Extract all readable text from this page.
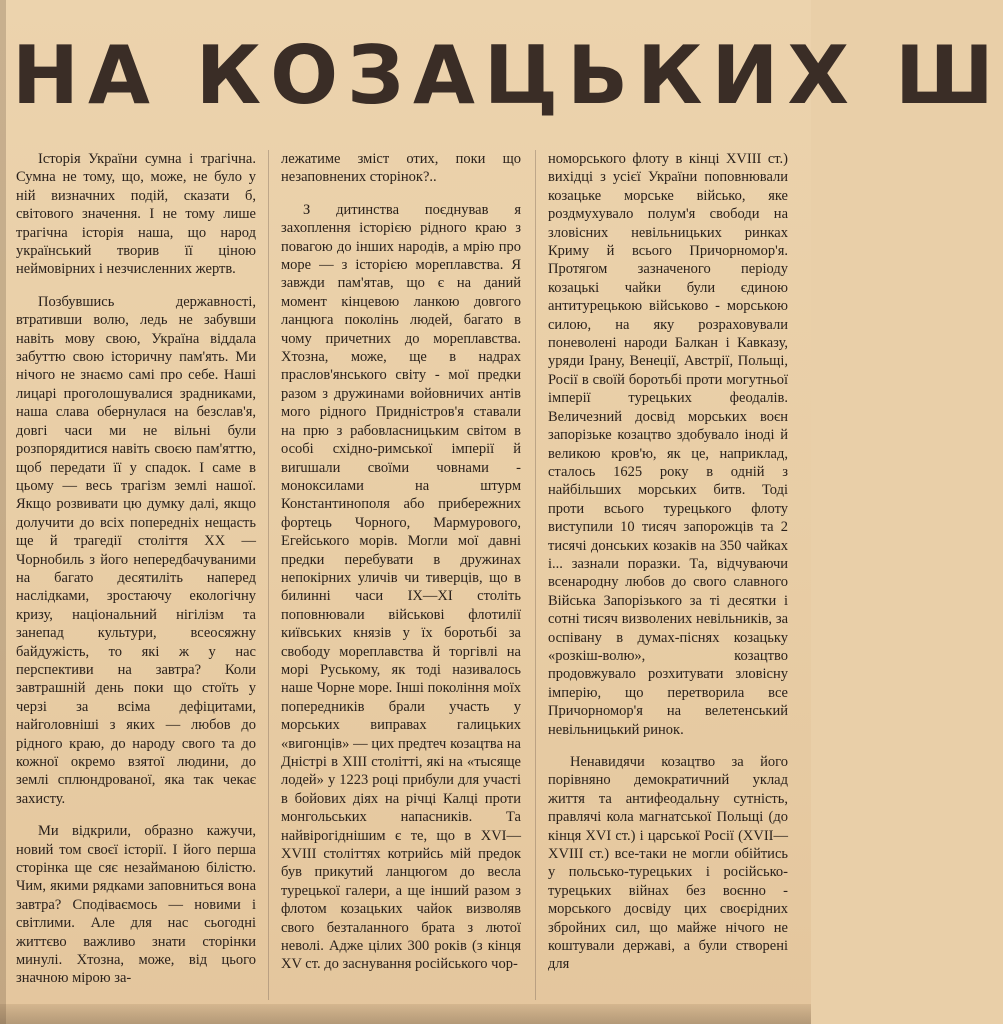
НА КОЗАЦЬКИХ Ш

Історія України сумна і трагічна. Сумна не тому, що, може, не було у ній визначних подій, сказати б, світового значення. І не тому лише трагічна історія наша, що народ український творив її ціною неймовірних і незчисленних жертв.

Позбувшись державності, втративши волю, ледь не забувши навіть мову свою, Україна віддала забуттю свою історичну пам'ять. Ми нічого не знаємо самі про себе. Наші лицарі проголошувалися зрадниками, наша слава обернулася на безслав'я, довгі часи ми не вільні були розпорядитися навіть своєю пам'яттю, щоб передати її у спадок. І саме в цьому — весь трагізм землі нашої. Якщо розвивати цю думку далі, якщо долучити до всіх попередніх нещасть ще й трагедії століття XX — Чорнобиль з його непередбачуваними на багато десятиліть наперед наслідками, зростаючу екологічну кризу, національний нігілізм та занепад культури, всеосяжну байдужість, то які ж у нас перспективи на завтра? Коли завтрашній день поки що стоїть у черзі за всіма дефіцитами, найголовніші з яких — любов до рідного краю, до народу свого та до кожної окремо взятої людини, до землі сплюндрованої, яка так чекає захисту.

Ми відкрили, образно кажучи, новий том своєї історії. І його перша сторінка ще сяє незайманою білістю. Чим, якими рядками заповниться вона завтра? Сподіваємось — новими і світлими. Але для нас сьогодні життєво важливо знати сторінки минулі. Хтозна, може, від цього значною мірою за-

лежатиме зміст отих, поки що незаповнених сторінок?..

З дитинства поєднував я захоплення історією рідного краю з повагою до інших народів, а мрію про море — з історією мореплавства. Я завжди пам'ятав, що є на даний момент кінцевою ланкою довгого ланцюга поколінь людей, багато в чому причетних до мореплавства. Хтозна, може, ще в надрах праслов'янського світу - мої предки разом з дружинами войовничих антів мого рідного Придністров'я ставали на прю з рабовласницьким світом в особі східно-римської імперії й виruшали своїми човнами - моноксилами на штурм Константинополя або прибережних фортець Чорного, Мармурового, Егейського морів. Могли мої давні предки перебувати в дружинах непокірних уличів чи тиверців, що в билинні часи IX—XI століть поповнювали військові флотилії київських князів у їх боротьбі за свободу мореплавства й торгівлі на морі Руському, як тоді називалось наше Чорне море. Інші покоління моїх попередників брали участь у морських виправах галицьких «вигонців» — цих предтеч козацтва на Дністрі в XIII столітті, які на «тысяще лодей» у 1223 році прибули для участі в бойових діях на річці Калці проти монгольських напасників. Та найвірогіднішим є те, що в XVI—XVIII століттях котрийсь мій предок був прикутий ланцюгом до весла турецької галери, а ще інший разом з флотом козацьких чайок визволяв свого безталанного брата з лютої неволі. Адже цілих 300 років (з кінця XV ст. до заснування російського чор-

номорського флоту в кінці XVIII ст.) вихідці з усієї України поповнювали козацьке морське військо, яке роздмухувало полум'я свободи на зловісних невільницьких ринках Криму й всього Причорномор'я. Протягом зазначеного періоду козацькі чайки були єдиною антитурецькою військово - морською силою, на яку розраховували поневолені народи Балкан і Кавказу, уряди Ірану, Венеції, Австрії, Польщі, Росії в своїй боротьбі проти могутньої імперії турецьких феодалів. Величезний досвід морських воєн запорізьке козацтво здобувало іноді й великою кров'ю, як це, наприклад, сталось 1625 року в одній з найбільших морських битв. Тоді проти всього турецького флоту виступили 10 тисяч запорожців та 2 тисячі донських козаків на 350 чайках і... зазнали поразки. Та, відчуваючи всенародну любов до свого славного Війська Запорізького за ті десятки і сотні тисяч визволених невільників, за оспівану в думах-піснях козацьку «розкіш-волю», козацтво продовжувало розхитувати зловісну імперію, що перетворила все Причорномор'я на велетенський невільницький ринок.

Ненавидячи козацтво за його порівняно демократичний уклад життя та антифеодальну сутність, правлячі кола магнатської Польщі (до кінця XVI ст.) і царської Росії (XVII—XVIII ст.) все-таки не могли обійтись у польсько-турецьких і російсько-турецьких війнах без воєнно - морського досвіду цих своєрідних збройних сил, що майже нічого не коштували державі, а були створені для
